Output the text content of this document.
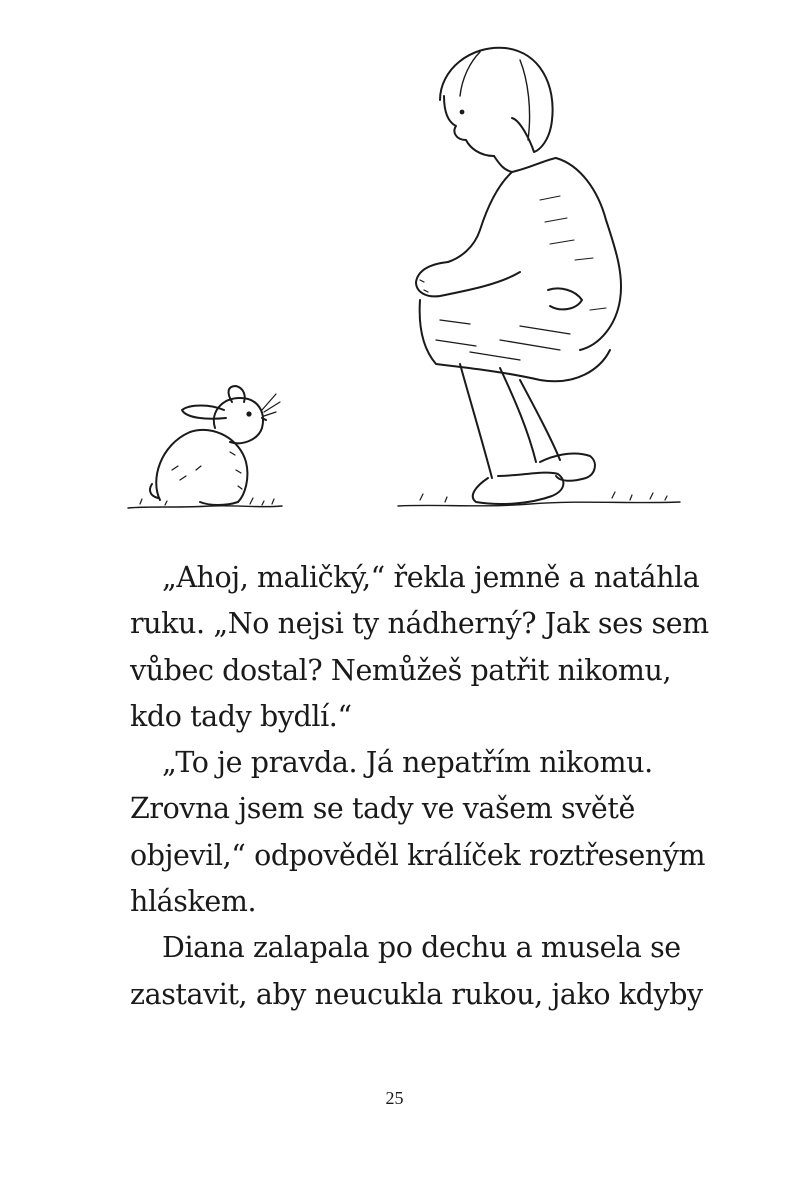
„Ahoj, maličký,“ řekla jemně a natáhla
ruku. „No nejsi ty nádherný? Jak ses sem
vůbec dostal? Nemůžeš patřit nikomu,
kdo tady bydlí.“
„To je pravda. Já nepatřím nikomu.
Zrovna jsem se tady ve vašem světě
objevil,“ odpověděl králíček roztřeseným
hláskem.
Diana zalapala po dechu a musela se
zastavit, aby neucukla rukou, jako kdyby
25
